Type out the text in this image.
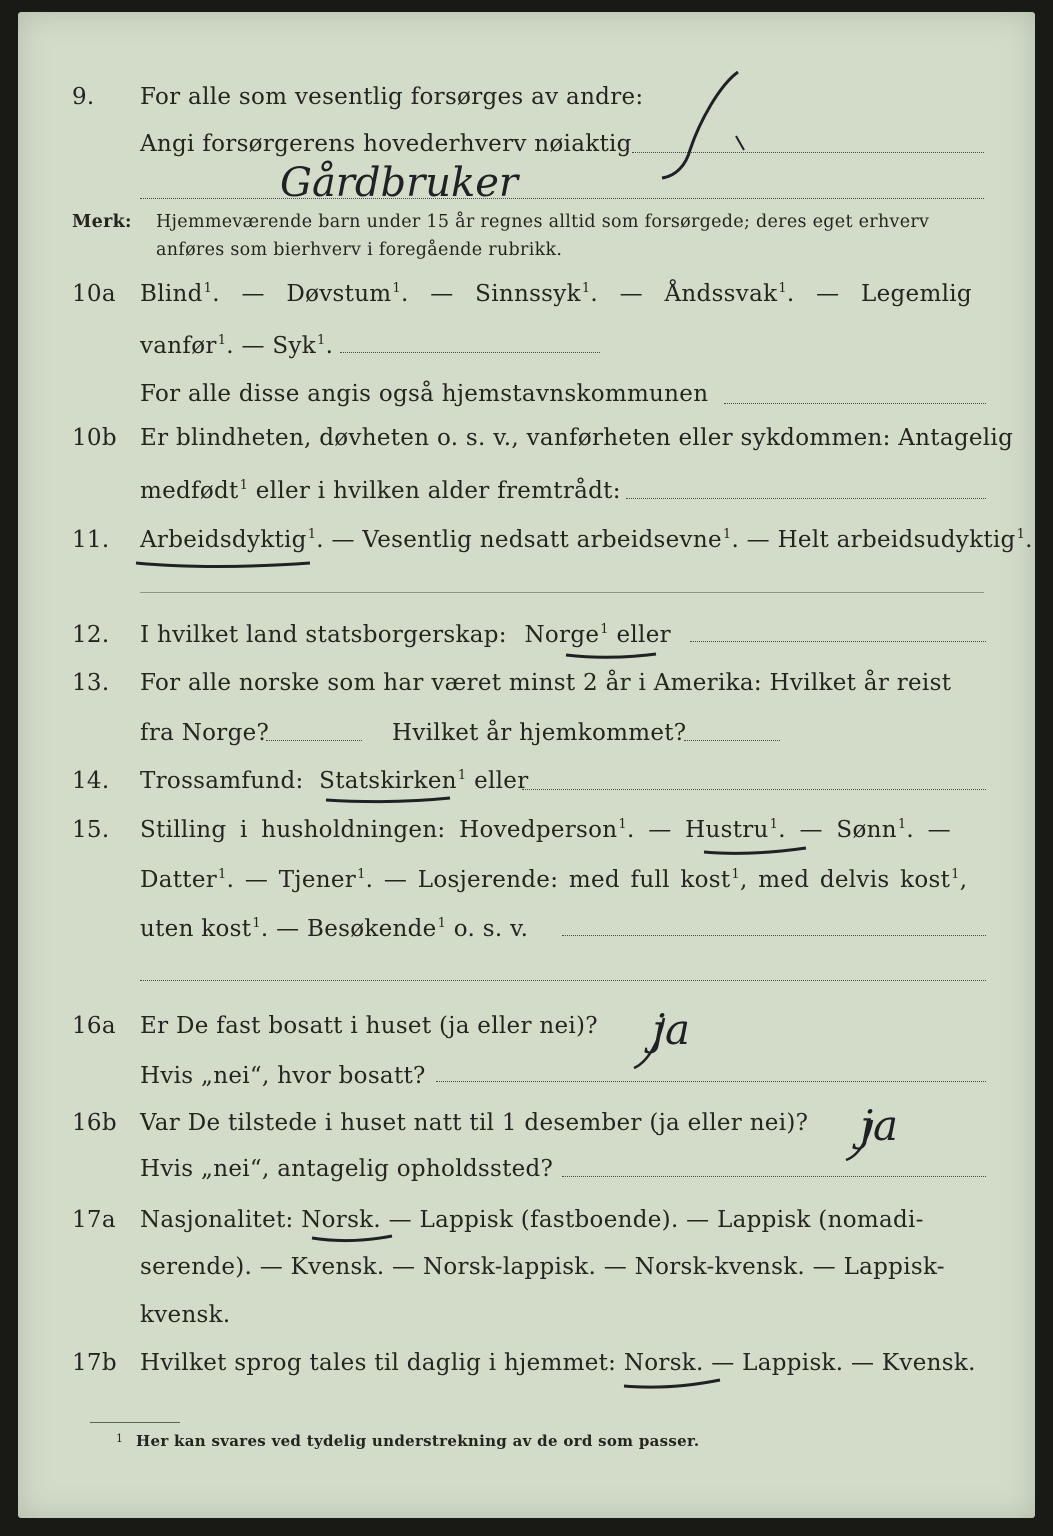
9. For alle som vesentlig forsørges av andre:
Angi forsørgerens hovederhverv nøiaktig
Merk: Hjemmeværende barn under 15 år regnes alltid som forsørgede; deres eget erhverv
anføres som bierhverv i foregående rubrikk.
10a Blind$^1$. — Døvstum$^1$. — Sinnssyk$^1$. — Åndssvak$^1$. — Legemlig
vanfør$^1$. — Syk$^1$.
For alle disse angis også hjemstavnskommunen
10b Er blindheten, døvheten o. s. v., vanførheten eller sykdommen: Antagelig
medfødt$^1$ eller i hvilken alder fremtrådt:
11. Arbeidsdyktig$^1$. — Vesentlig nedsatt arbeidsevne$^1$. — Helt arbeidsudyktig$^1$.
12. I hvilket land statsborgerskap: Norge$^1$ eller
13. For alle norske som har været minst 2 år i Amerika: Hvilket år reist
fra Norge?	Hvilket år hjemkommet?
14. Trossamfund: Statskirken$^1$ eller
15. Stilling i husholdningen: Hovedperson$^1$. — Hustru$^1$. — Sønn$^1$. —
Datter$^1$. — Tjener$^1$. — Losjerende: med full kost$^1$, med delvis kost$^1$,
uten kost$^1$. — Besøkende$^1$ o. s. v.
16a Er De fast bosatt i huset (ja eller nei)?
Hvis „nei“, hvor bosatt?
16b Var De tilstede i huset natt til 1 desember (ja eller nei)?
Hvis „nei“, antagelig opholdssted?
17a Nasjonalitet: Norsk. — Lappisk (fastboende). — Lappisk (nomadi-
serende). — Kvensk. — Norsk-lappisk. — Norsk-kvensk. — Lappisk-
kvensk.
17b Hvilket sprog tales til daglig i hjemmet: Norsk. — Lappisk. — Kvensk.
1 Her kan svares ved tydelig understrekning av de ord som passer.
Gårdbruker
ja
ja
